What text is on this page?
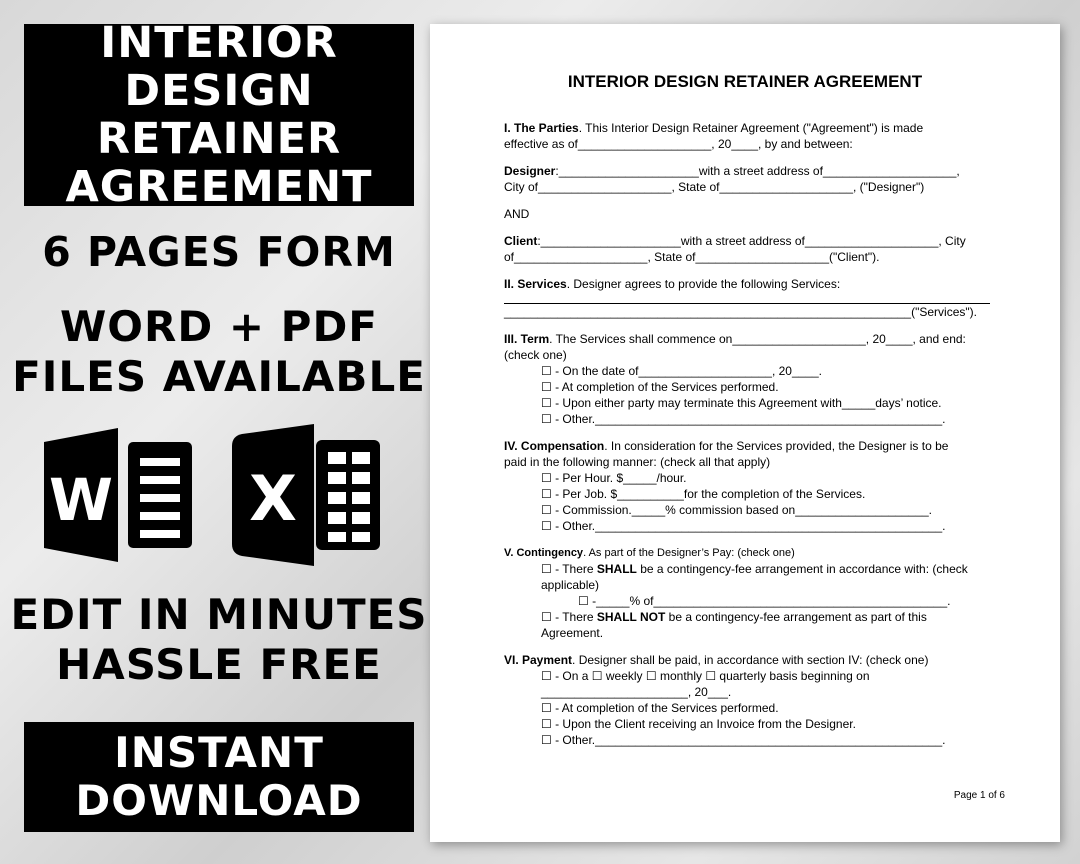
INTERIOR DESIGN
RETAINER
AGREEMENT
6 PAGES FORM
WORD + PDF
FILES AVAILABLE
W X
EDIT IN MINUTES
HASSLE FREE
INSTANT
DOWNLOAD
INTERIOR DESIGN RETAINER AGREEMENT

I. The Parties. This Interior Design Retainer Agreement ("Agreement") is made

effective as of____________________, 20____, by and between:

Designer:_____________________with a street address of____________________,

City of____________________, State of____________________, ("Designer")

AND

Client:_____________________with a street address of____________________, City

of____________________, State of____________________("Client").

II. Services. Designer agrees to provide the following Services:

_____________________________________________________________("Services").

III. Term. The Services shall commence on____________________, 20____, and end:

(check one)

☐ - On the date of____________________, 20____.

☐ - At completion of the Services performed.

☐ - Upon either party may terminate this Agreement with_____days’ notice.

☐ - Other.____________________________________________________.

IV. Compensation. In consideration for the Services provided, the Designer is to be

paid in the following manner: (check all that apply)

☐ - Per Hour. $_____/hour.

☐ - Per Job. $__________for the completion of the Services.

☐ - Commission._____% commission based on____________________.

☐ - Other.____________________________________________________.

V. Contingency. As part of the Designer’s Pay: (check one)

☐ - There SHALL be a contingency-fee arrangement in accordance with: (check

applicable)

☐ -_____% of____________________________________________.

☐ - There SHALL NOT be a contingency-fee arrangement as part of this

Agreement.

VI. Payment. Designer shall be paid, in accordance with section IV: (check one)

☐ - On a ☐ weekly ☐ monthly ☐ quarterly basis beginning on

______________________, 20___.

☐ - At completion of the Services performed.

☐ - Upon the Client receiving an Invoice from the Designer.

☐ - Other.____________________________________________________.

Page 1 of 6
